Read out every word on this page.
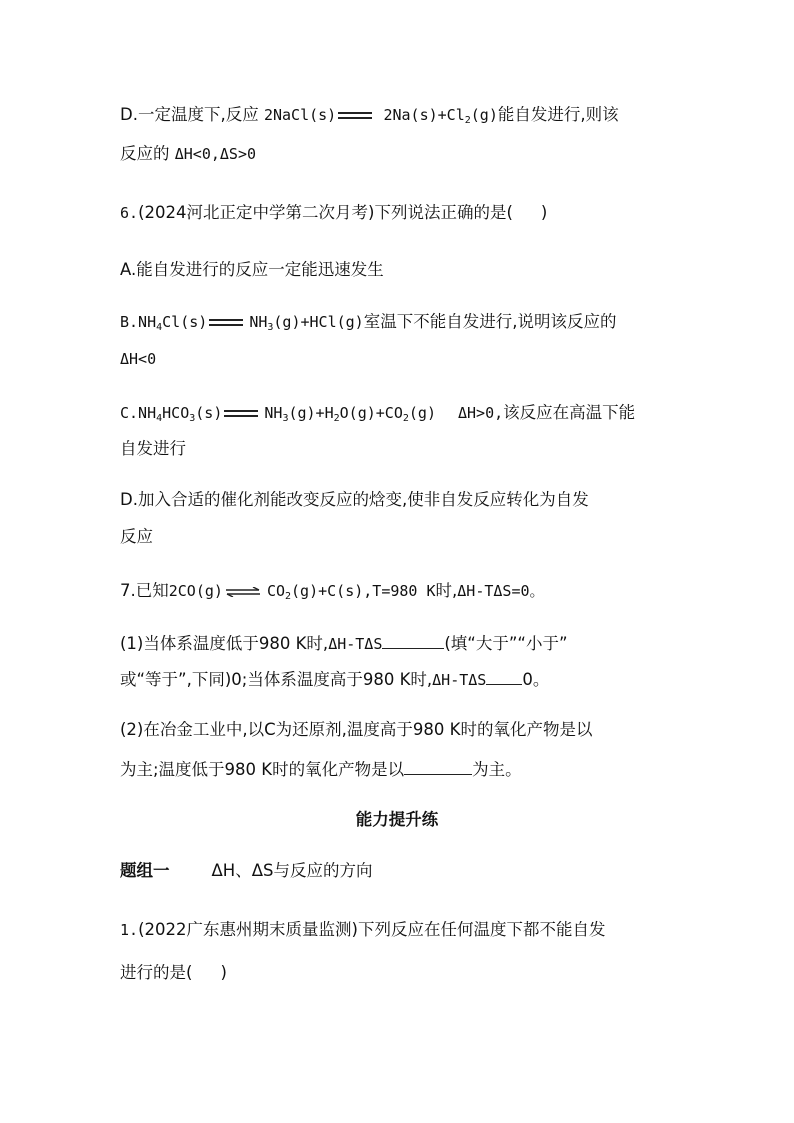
D.一定温度下,反应 2NaCl(s)	$2Na(s)+Cl_2(g)$能自发进行,则该
反应的 ΔH<0,ΔS>0
6.(2024河北正定中学第二次月考)下列说法正确的是( )
A.能自发进行的反应一定能迅速发生
$B.NH_4Cl(s)$	$NH_3(g)+HCl(g)$室温下不能自发进行,说明该反应的
ΔH<0
$C.NH_4HCO_3(s)$	$NH_3(g)+H_2O(g)+CO_2(g)$ ΔH>0,该反应在高温下能
自发进行
D.加入合适的催化剂能改变反应的焓变,使非自发反应转化为自发
反应
7.已知2CO(g) ⇌ $CO_2(g)+C(s),T=980$ K时,ΔH-TΔS=0。
(1)当体系温度低于980 K时,ΔH-TΔS	(填“大于”“小于”
或“等于”,下同)0;当体系温度高于980 K时,ΔH-TΔS 0。
(2)在冶金工业中,以C为还原剂,温度高于980 K时的氧化产物是以
为主;温度低于980 K时的氧化产物是以	为主。
能力提升练
题组一	ΔH、ΔS与反应的方向
1.(2022广东惠州期末质量监测)下列反应在任何温度下都不能自发
进行的是( )
